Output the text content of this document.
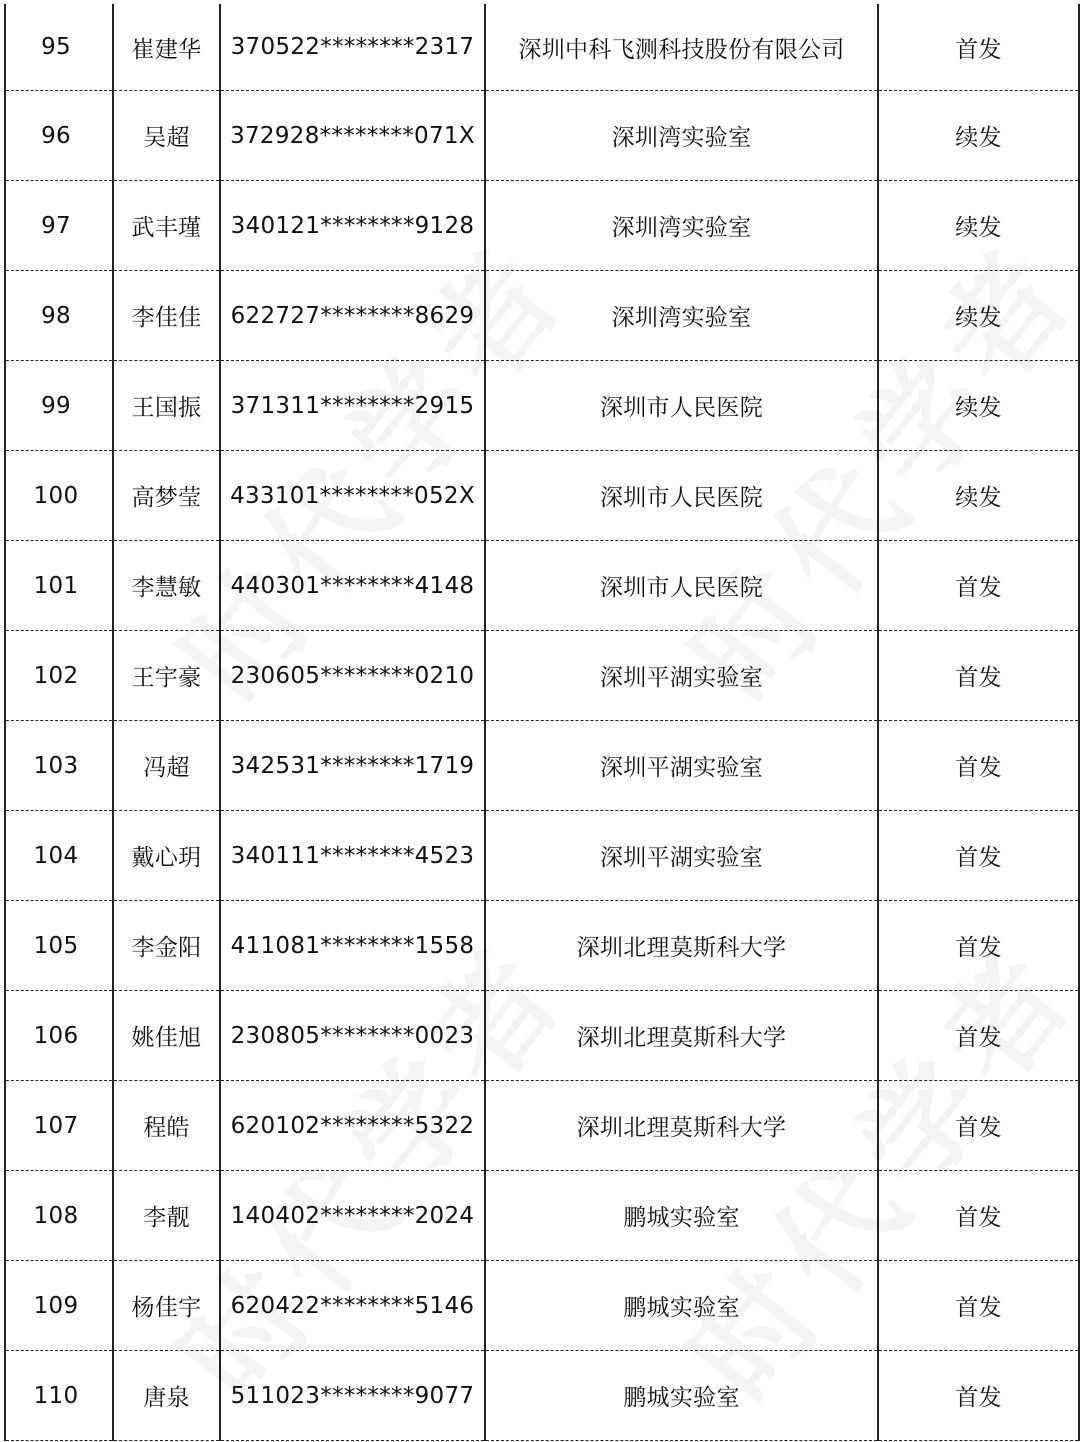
95	崔建华	370522********2317	深圳中科飞测科技股份有限公司	首发
96	吴超	372928********071X	深圳湾实验室	续发
97	武丰瑾	340121********9128	深圳湾实验室	续发
98	李佳佳	622727********8629	深圳湾实验室	续发
99	王国振	371311********2915	深圳市人民医院	续发
100	高梦莹	433101********052X	深圳市人民医院	续发
101	李慧敏	440301********4148	深圳市人民医院	首发
102	王宇豪	230605********0210	深圳平湖实验室	首发
103	冯超	342531********1719	深圳平湖实验室	首发
104	戴心玥	340111********4523	深圳平湖实验室	首发
105	李金阳	411081********1558	深圳北理莫斯科大学	首发
106	姚佳旭	230805********0023	深圳北理莫斯科大学	首发
107	程皓	620102********5322	深圳北理莫斯科大学	首发
108	李靓	140402********2024	鹏城实验室	首发
109	杨佳宇	620422********5146	鹏城实验室	首发
110	唐泉	511023********9077	鹏城实验室	首发
